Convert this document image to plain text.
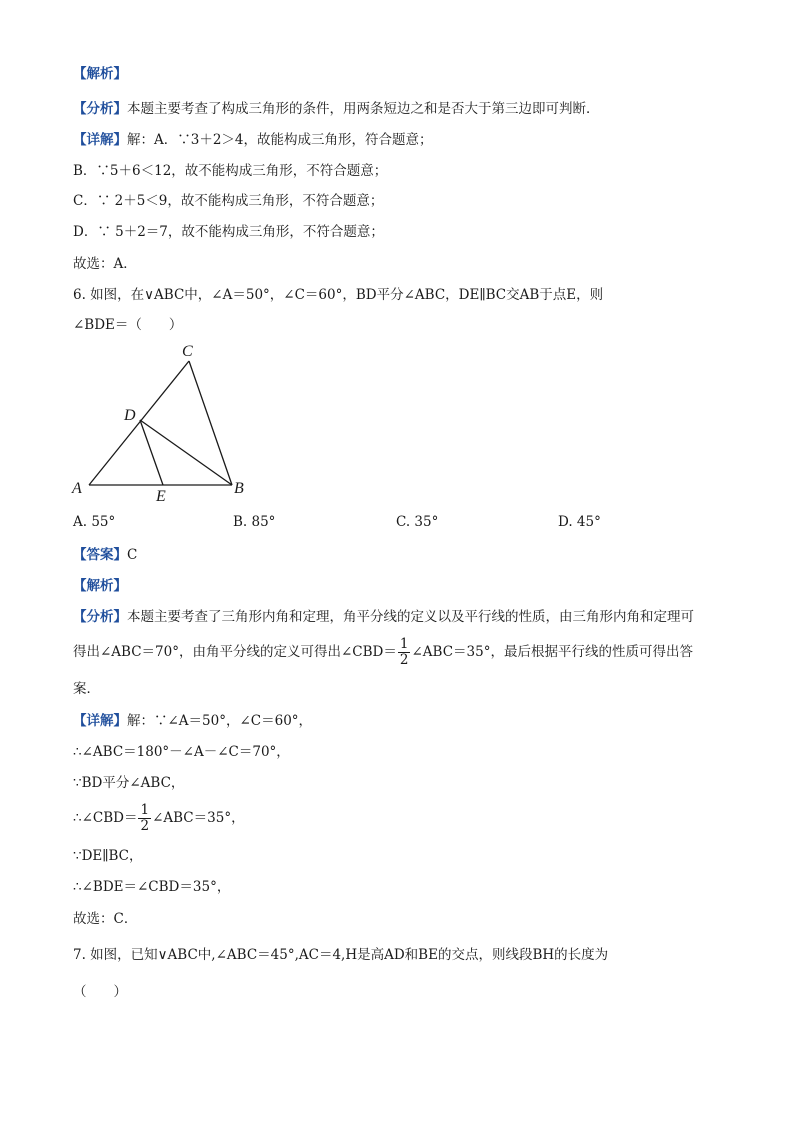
【解析】
【分析】本题主要考查了构成三角形的条件，用两条短边之和是否大于第三边即可判断．
【详解】解：A．∵3＋2＞4，故能构成三角形，符合题意；
B．∵5＋6＜12，故不能构成三角形，不符合题意；
C．∵ 2＋5＜9，故不能构成三角形，不符合题意；
D．∵ 5＋2＝7，故不能构成三角形，不符合题意；
故选：A．
6. 如图，在∨ABC中，∠A＝50°，∠C＝60°，BD平分∠ABC，DE∥BC交AB于点E，则
∠BDE＝（　　）
C
D
A	E	B
A. 55°	B. 85°	C. 35°	D. 45°
【答案】C
【解析】
【分析】本题主要考查了三角形内角和定理，角平分线的定义以及平行线的性质，由三角形内角和定理可
得出∠ABC＝70°，由角平分线的定义可得出∠CBD＝ $\frac{1}{2}$ ∠ABC＝35°，最后根据平行线的性质可得出答
案．
【详解】解：∵∠A＝50°，∠C＝60°，
∴∠ABC＝180°－∠A－∠C＝70°，
∵BD平分∠ABC，
∴∠CBD＝ $\frac{1}{2}$ ∠ABC＝35°，
∵DE∥BC，
∴∠BDE＝∠CBD＝35°，
故选：C．
7. 如图，已知∨ABC中,∠ABC＝45°,AC＝4,H是高AD和BE的交点，则线段BH的长度为
（　　）
